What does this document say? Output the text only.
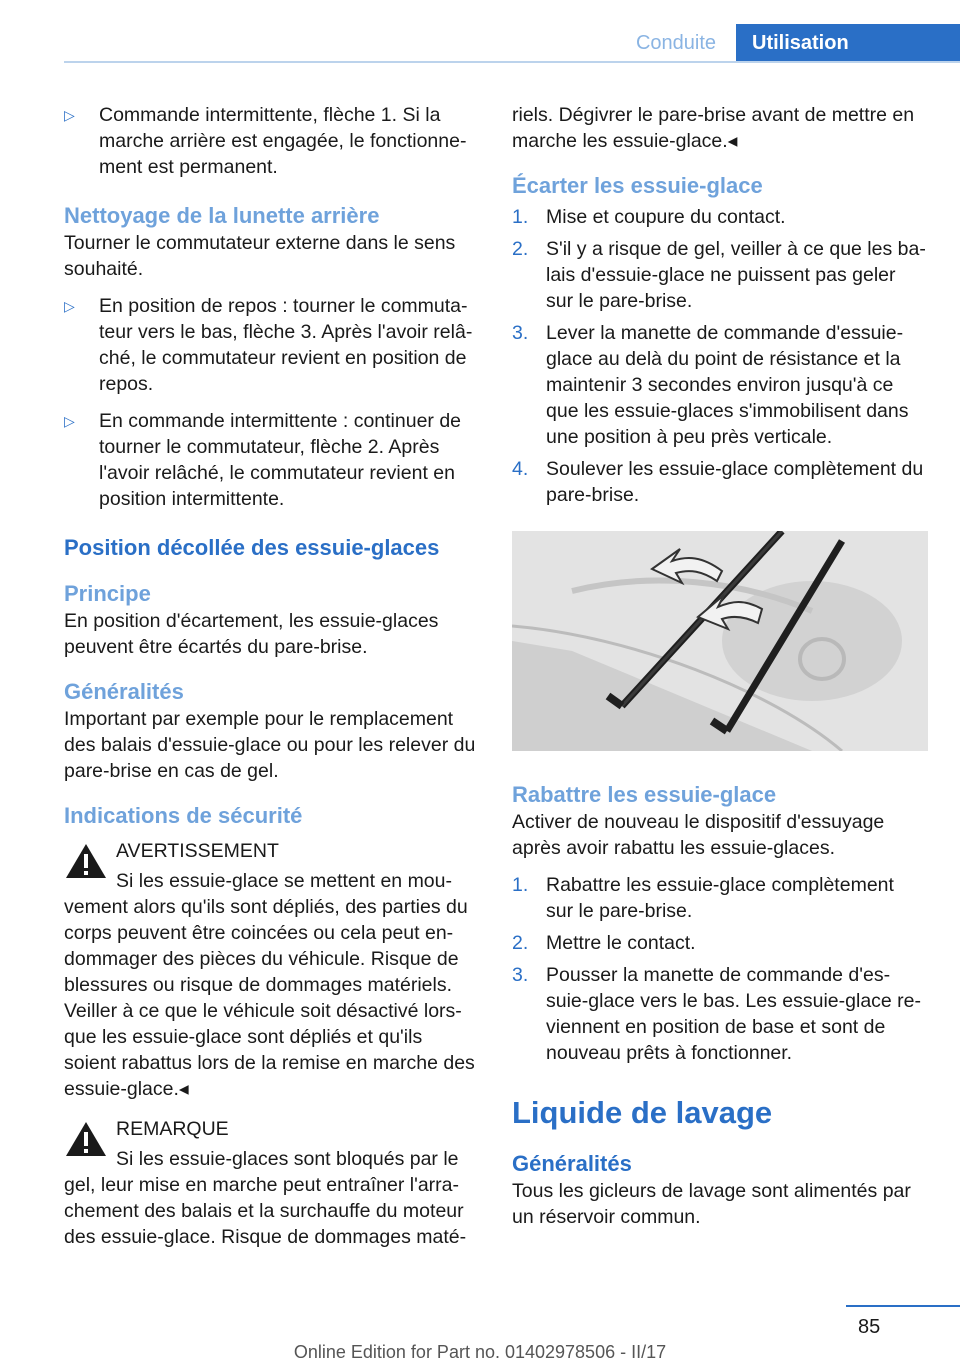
Conduite	Utilisation
▷ Commande intermittente, flèche 1. Si la marche arrière est engagée, le fonctionne‐ment est permanent.
Nettoyage de la lunette arrière

Tourner le commutateur externe dans le sens souhaité.

▷ En position de repos : tourner le commuta‐teur vers le bas, flèche 3. Après l'avoir relâ‐ché, le commutateur revient en position de repos.
▷ En commande intermittente : continuer de tourner le commutateur, flèche 2. Après l'avoir relâché, le commutateur revient en position intermittente.
Position décollée des essuie-glaces
Principe

En position d'écartement, les essuie-glaces peuvent être écartés du pare-brise.

Généralités

Important par exemple pour le remplacement des balais d'essuie-glace ou pour les relever du pare-brise en cas de gel.

Indications de sécurité
AVERTISSEMENT
Si les essuie-glace se mettent en mou‐
vement alors qu'ils sont dépliés, des parties du corps peuvent être coincées ou cela peut en‐dommager des pièces du véhicule. Risque de blessures ou risque de dommages matériels. Veiller à ce que le véhicule soit désactivé lors‐que les essuie-glace sont dépliés et qu'ils soient rabattus lors de la remise en marche des essuie-glace.◂
REMARQUE
Si les essuie-glaces sont bloqués par le
gel, leur mise en marche peut entraîner l'arra‐chement des balais et la surchauffe du moteur des essuie-glace. Risque de dommages maté‐

riels. Dégivrer le pare-brise avant de mettre en marche les essuie-glace.◂

Écarter les essuie-glace
1. Mise et coupure du contact.
2. S'il y a risque de gel, veiller à ce que les ba‐lais d'essuie-glace ne puissent pas geler sur le pare-brise.
3. Lever la manette de commande d'essuie-glace au delà du point de résistance et la maintenir 3 secondes environ jusqu'à ce que les essuie-glaces s'immobilisent dans une position à peu près verticale.
4. Soulever les essuie-glace complètement du pare-brise.
Rabattre les essuie-glace

Activer de nouveau le dispositif d'essuyage après avoir rabattu les essuie-glaces.

1. Rabattre les essuie-glace complètement sur le pare-brise.
2. Mettre le contact.
3. Pousser la manette de commande d'es‐suie-glace vers le bas. Les essuie-glace re‐viennent en position de base et sont de nouveau prêts à fonctionner.
Liquide de lavage
Généralités

Tous les gicleurs de lavage sont alimentés par un réservoir commun.

85
Online Edition for Part no. 01402978506 - II/17
